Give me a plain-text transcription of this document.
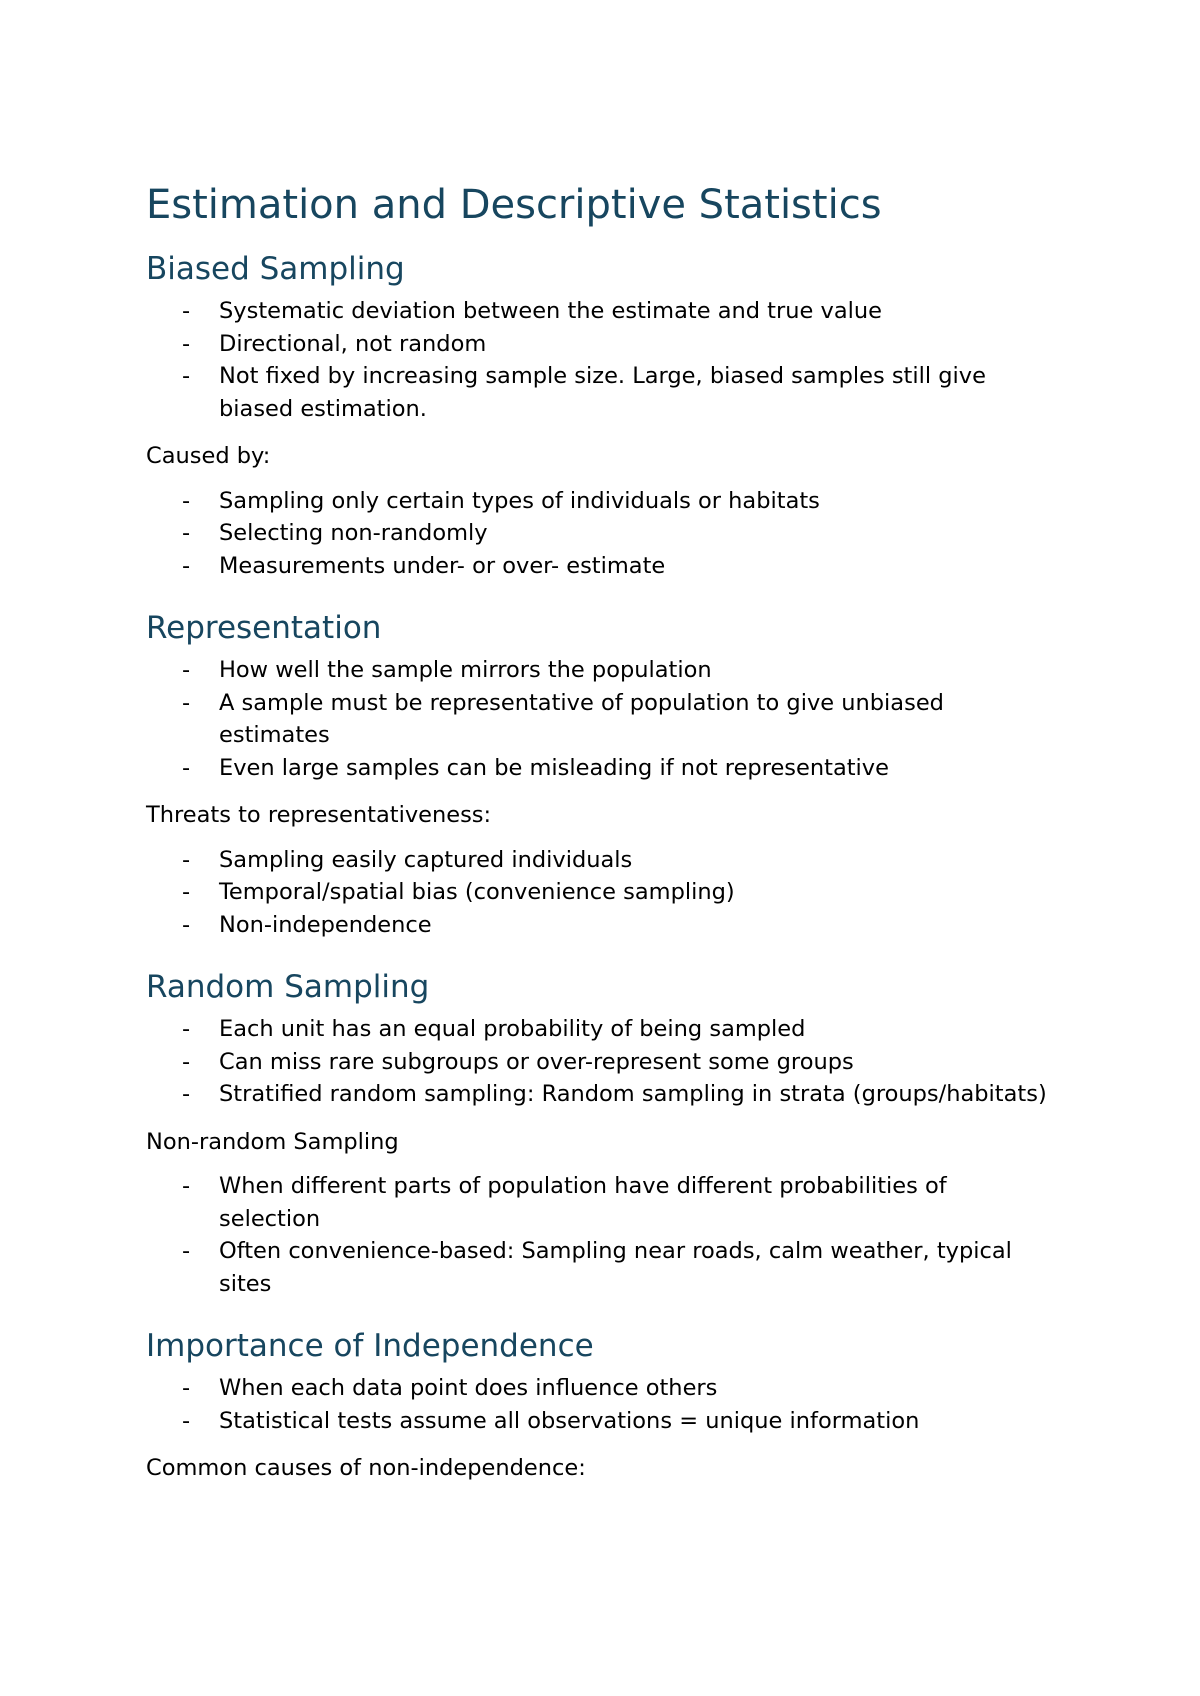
Estimation and Descriptive Statistics
Biased Sampling
- Systematic deviation between the estimate and true value
- Directional, not random
- Not fixed by increasing sample size. Large, biased samples still give biased estimation.

Caused by:

- Sampling only certain types of individuals or habitats
- Selecting non-randomly
- Measurements under- or over- estimate
Representation
- How well the sample mirrors the population
- A sample must be representative of population to give unbiased estimates
- Even large samples can be misleading if not representative

Threats to representativeness:

- Sampling easily captured individuals
- Temporal/spatial bias (convenience sampling)
- Non-independence
Random Sampling
- Each unit has an equal probability of being sampled
- Can miss rare subgroups or over-represent some groups
- Stratified random sampling: Random sampling in strata (groups/habitats)

Non-random Sampling

- When different parts of population have different probabilities of selection
- Often convenience-based: Sampling near roads, calm weather, typical sites
Importance of Independence
- When each data point does influence others
- Statistical tests assume all observations = unique information

Common causes of non-independence:
